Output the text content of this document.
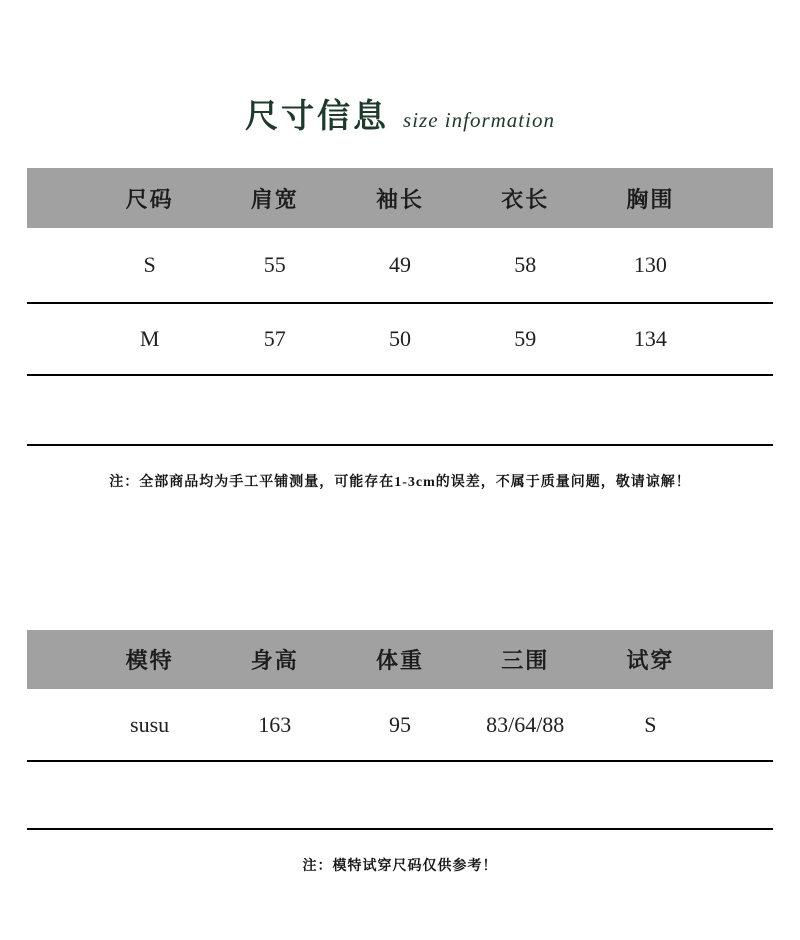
尺寸信息 size information
尺码	肩宽	袖长	衣长	胸围
S	55	49	58	130
M	57	50	59	134
注：全部商品均为手工平铺测量，可能存在1-3cm的误差，不属于质量问题，敬请谅解！
模特	身高	体重	三围	试穿
susu	163	95	83/64/88	S
注：模特试穿尺码仅供参考！
